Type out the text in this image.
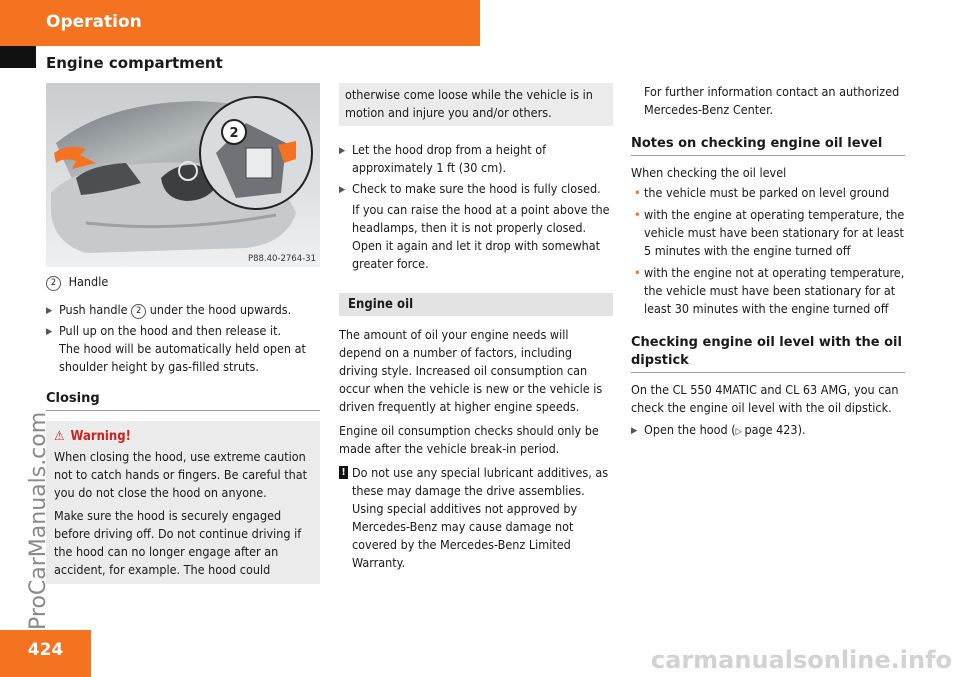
Operation
Engine compartment
2
P88.40-2764-31
2 Handle
▶ Push handle 2 under the hood upwards.
▶ Pull up on the hood and then release it.
The hood will be automatically held open at shoulder height by gas-filled struts.
Closing
⚠ Warning!

When closing the hood, use extreme caution not to catch hands or fingers. Be careful that you do not close the hood on anyone.

Make sure the hood is securely engaged before driving off. Do not continue driving if the hood can no longer engage after an accident, for example. The hood could

otherwise come loose while the vehicle is in motion and injure you and/or others.
▶ Let the hood drop from a height of approximately 1 ft (30 cm).
▶ Check to make sure the hood is fully closed.
If you can raise the hood at a point above the headlamps, then it is not properly closed. Open it again and let it drop with somewhat greater force.
Engine oil

The amount of oil your engine needs will depend on a number of factors, including driving style. Increased oil consumption can occur when the vehicle is new or the vehicle is driven frequently at higher engine speeds.

Engine oil consumption checks should only be made after the vehicle break-in period.

! Do not use any special lubricant additives, as these may damage the drive assemblies. Using special additives not approved by Mercedes-Benz may cause damage not covered by the Mercedes-Benz Limited Warranty.
For further information contact an authorized Mercedes-Benz Center.
Notes on checking engine oil level

When checking the oil level

• the vehicle must be parked on level ground
• with the engine at operating temperature, the vehicle must have been stationary for at least 5 minutes with the engine turned off
• with the engine not at operating temperature, the vehicle must have been stationary for at least 30 minutes with the engine turned off
Checking engine oil level with the oil dipstick

On the CL 550 4MATIC and CL 63 AMG, you can check the engine oil level with the oil dipstick.

▶ Open the hood (▷ page 423).
424
ProCarManuals.com
carmanualsonline.info
